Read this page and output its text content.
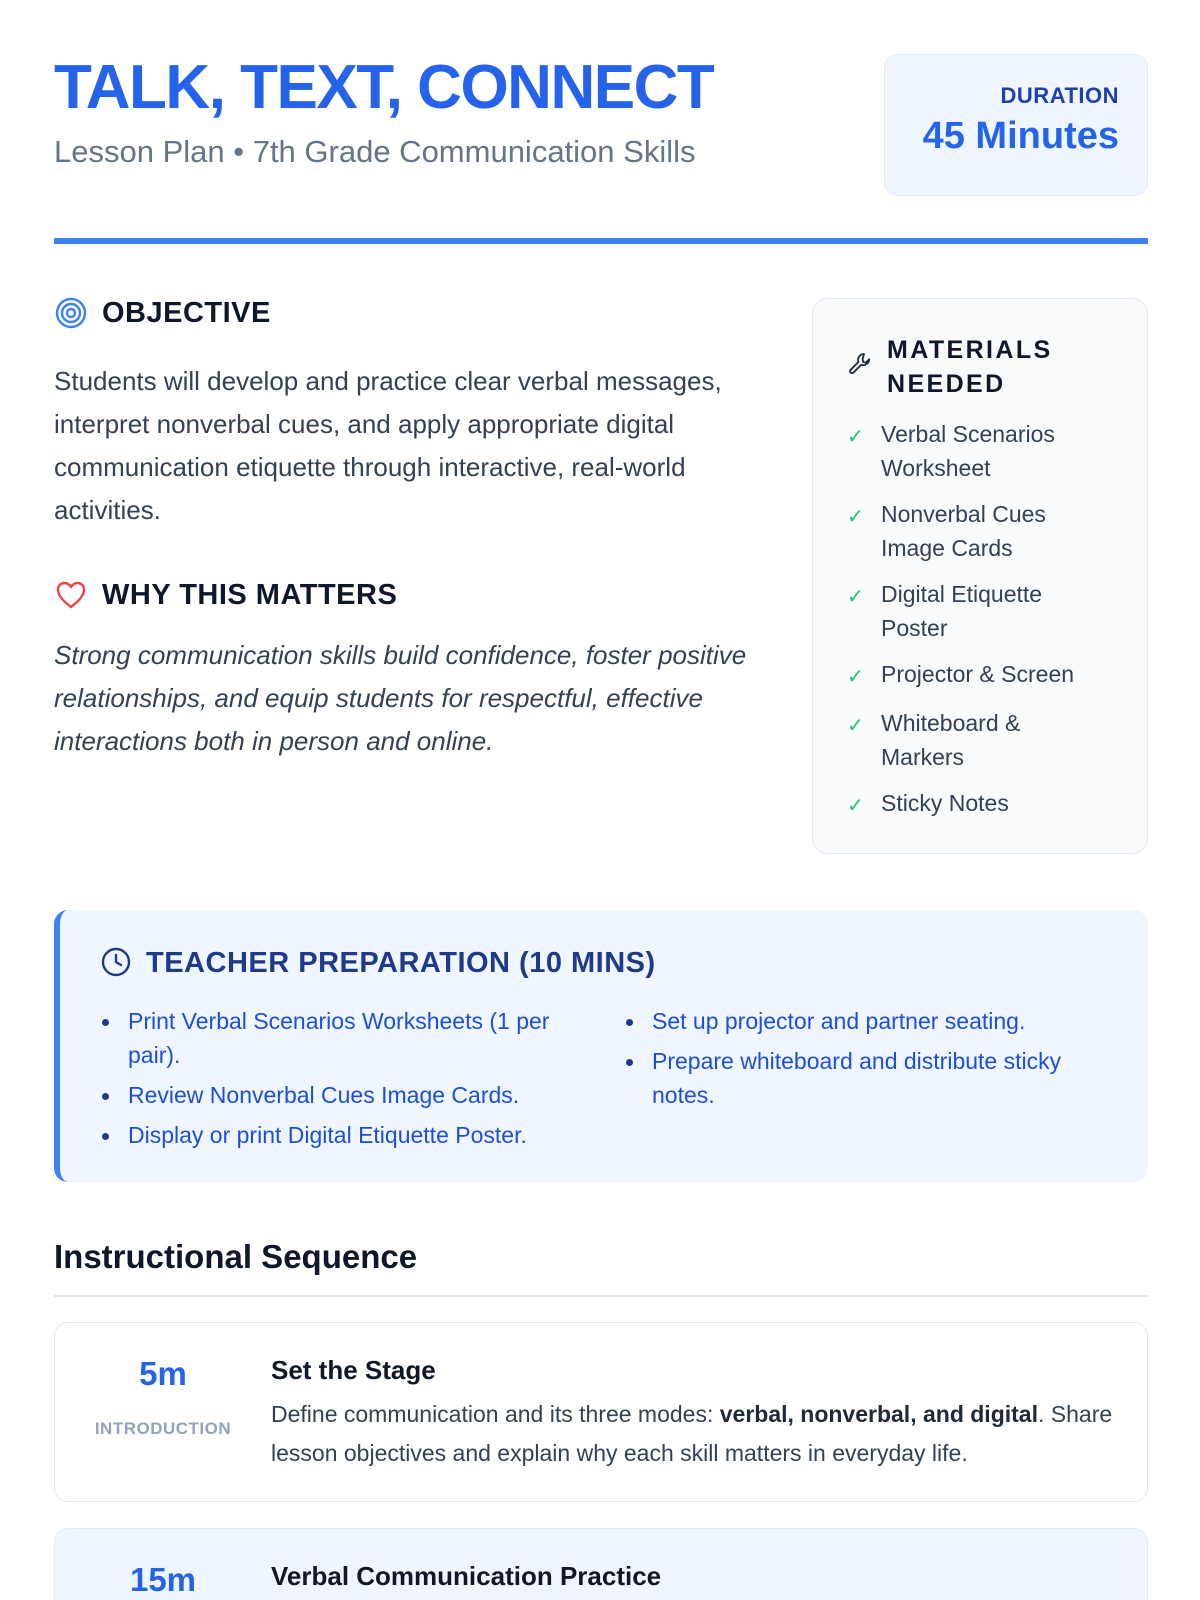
TALK, TEXT, CONNECT
Lesson Plan • 7th Grade Communication Skills
DURATION
45 Minutes
OBJECTIVE
Students will develop and practice clear verbal messages, interpret nonverbal cues, and apply appropriate digital communication etiquette through interactive, real-world activities.
WHY THIS MATTERS
Strong communication skills build confidence, foster positive relationships, and equip students for respectful, effective interactions both in person and online.
MATERIALS NEEDED
✓ Verbal Scenarios Worksheet
✓ Nonverbal Cues Image Cards
✓ Digital Etiquette Poster
✓ Projector & Screen
✓ Whiteboard & Markers
✓ Sticky Notes
TEACHER PREPARATION (10 MINS)
Print Verbal Scenarios Worksheets (1 per pair).
Review Nonverbal Cues Image Cards.
Display or print Digital Etiquette Poster.
Set up projector and partner seating.
Prepare whiteboard and distribute sticky notes.
Instructional Sequence
5m
INTRODUCTION
Set the Stage
Define communication and its three modes: verbal, nonverbal, and digital. Share lesson objectives and explain why each skill matters in everyday life.
15m	Verbal Communication Practice
